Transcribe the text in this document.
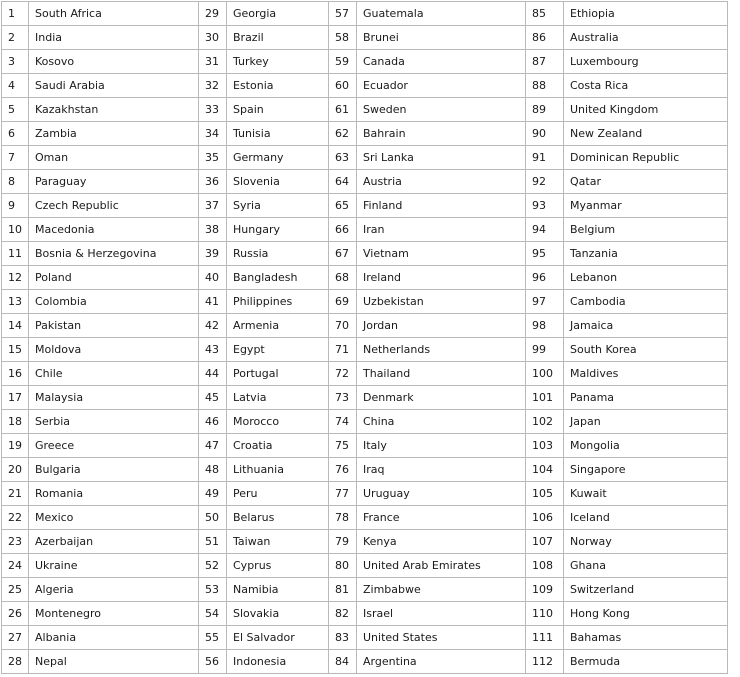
1	South Africa	29	Georgia	57	Guatemala	85	Ethiopia
2	India	30	Brazil	58	Brunei	86	Australia
3	Kosovo	31	Turkey	59	Canada	87	Luxembourg
4	Saudi Arabia	32	Estonia	60	Ecuador	88	Costa Rica
5	Kazakhstan	33	Spain	61	Sweden	89	United Kingdom
6	Zambia	34	Tunisia	62	Bahrain	90	New Zealand
7	Oman	35	Germany	63	Sri Lanka	91	Dominican Republic
8	Paraguay	36	Slovenia	64	Austria	92	Qatar
9	Czech Republic	37	Syria	65	Finland	93	Myanmar
10	Macedonia	38	Hungary	66	Iran	94	Belgium
11	Bosnia & Herzegovina	39	Russia	67	Vietnam	95	Tanzania
12	Poland	40	Bangladesh	68	Ireland	96	Lebanon
13	Colombia	41	Philippines	69	Uzbekistan	97	Cambodia
14	Pakistan	42	Armenia	70	Jordan	98	Jamaica
15	Moldova	43	Egypt	71	Netherlands	99	South Korea
16	Chile	44	Portugal	72	Thailand	100	Maldives
17	Malaysia	45	Latvia	73	Denmark	101	Panama
18	Serbia	46	Morocco	74	China	102	Japan
19	Greece	47	Croatia	75	Italy	103	Mongolia
20	Bulgaria	48	Lithuania	76	Iraq	104	Singapore
21	Romania	49	Peru	77	Uruguay	105	Kuwait
22	Mexico	50	Belarus	78	France	106	Iceland
23	Azerbaijan	51	Taiwan	79	Kenya	107	Norway
24	Ukraine	52	Cyprus	80	United Arab Emirates	108	Ghana
25	Algeria	53	Namibia	81	Zimbabwe	109	Switzerland
26	Montenegro	54	Slovakia	82	Israel	110	Hong Kong
27	Albania	55	El Salvador	83	United States	111	Bahamas
28	Nepal	56	Indonesia	84	Argentina	112	Bermuda
